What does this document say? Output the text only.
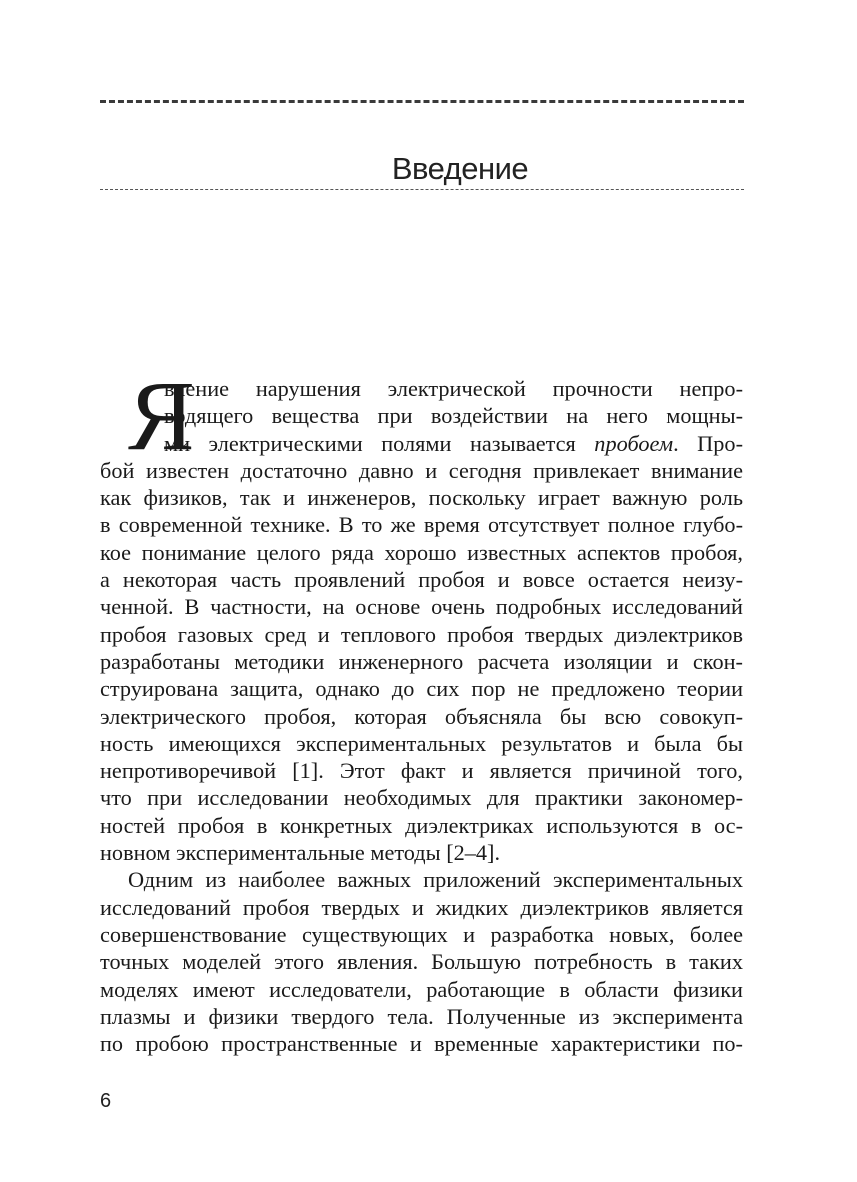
Введение
Я
вление нарушения электрической прочности непро-
водящего вещества при воздействии на него мощны-
ми электрическими полями называется пробоем. Про-
бой известен достаточно давно и сегодня привлекает внимание
как физиков, так и инженеров, поскольку играет важную роль
в современной технике. В то же время отсутствует полное глубо-
кое понимание целого ряда хорошо известных аспектов пробоя,
а некоторая часть проявлений пробоя и вовсе остается неизу-
ченной. В частности, на основе очень подробных исследований
пробоя газовых сред и теплового пробоя твердых диэлектриков
разработаны методики инженерного расчета изоляции и скон-
струирована защита, однако до сих пор не предложено теории
электрического пробоя, которая объясняла бы всю совокуп-
ность имеющихся экспериментальных результатов и была бы
непротиворечивой [1]. Этот факт и является причиной того,
что при исследовании необходимых для практики закономер-
ностей пробоя в конкретных диэлектриках используются в ос-
новном экспериментальные методы [2–4].
Одним из наиболее важных приложений экспериментальных
исследований пробоя твердых и жидких диэлектриков является
совершенствование существующих и разработка новых, более
точных моделей этого явления. Большую потребность в таких
моделях имеют исследователи, работающие в области физики
плазмы и физики твердого тела. Полученные из эксперимента
по пробою пространственные и временные характеристики по-
6
